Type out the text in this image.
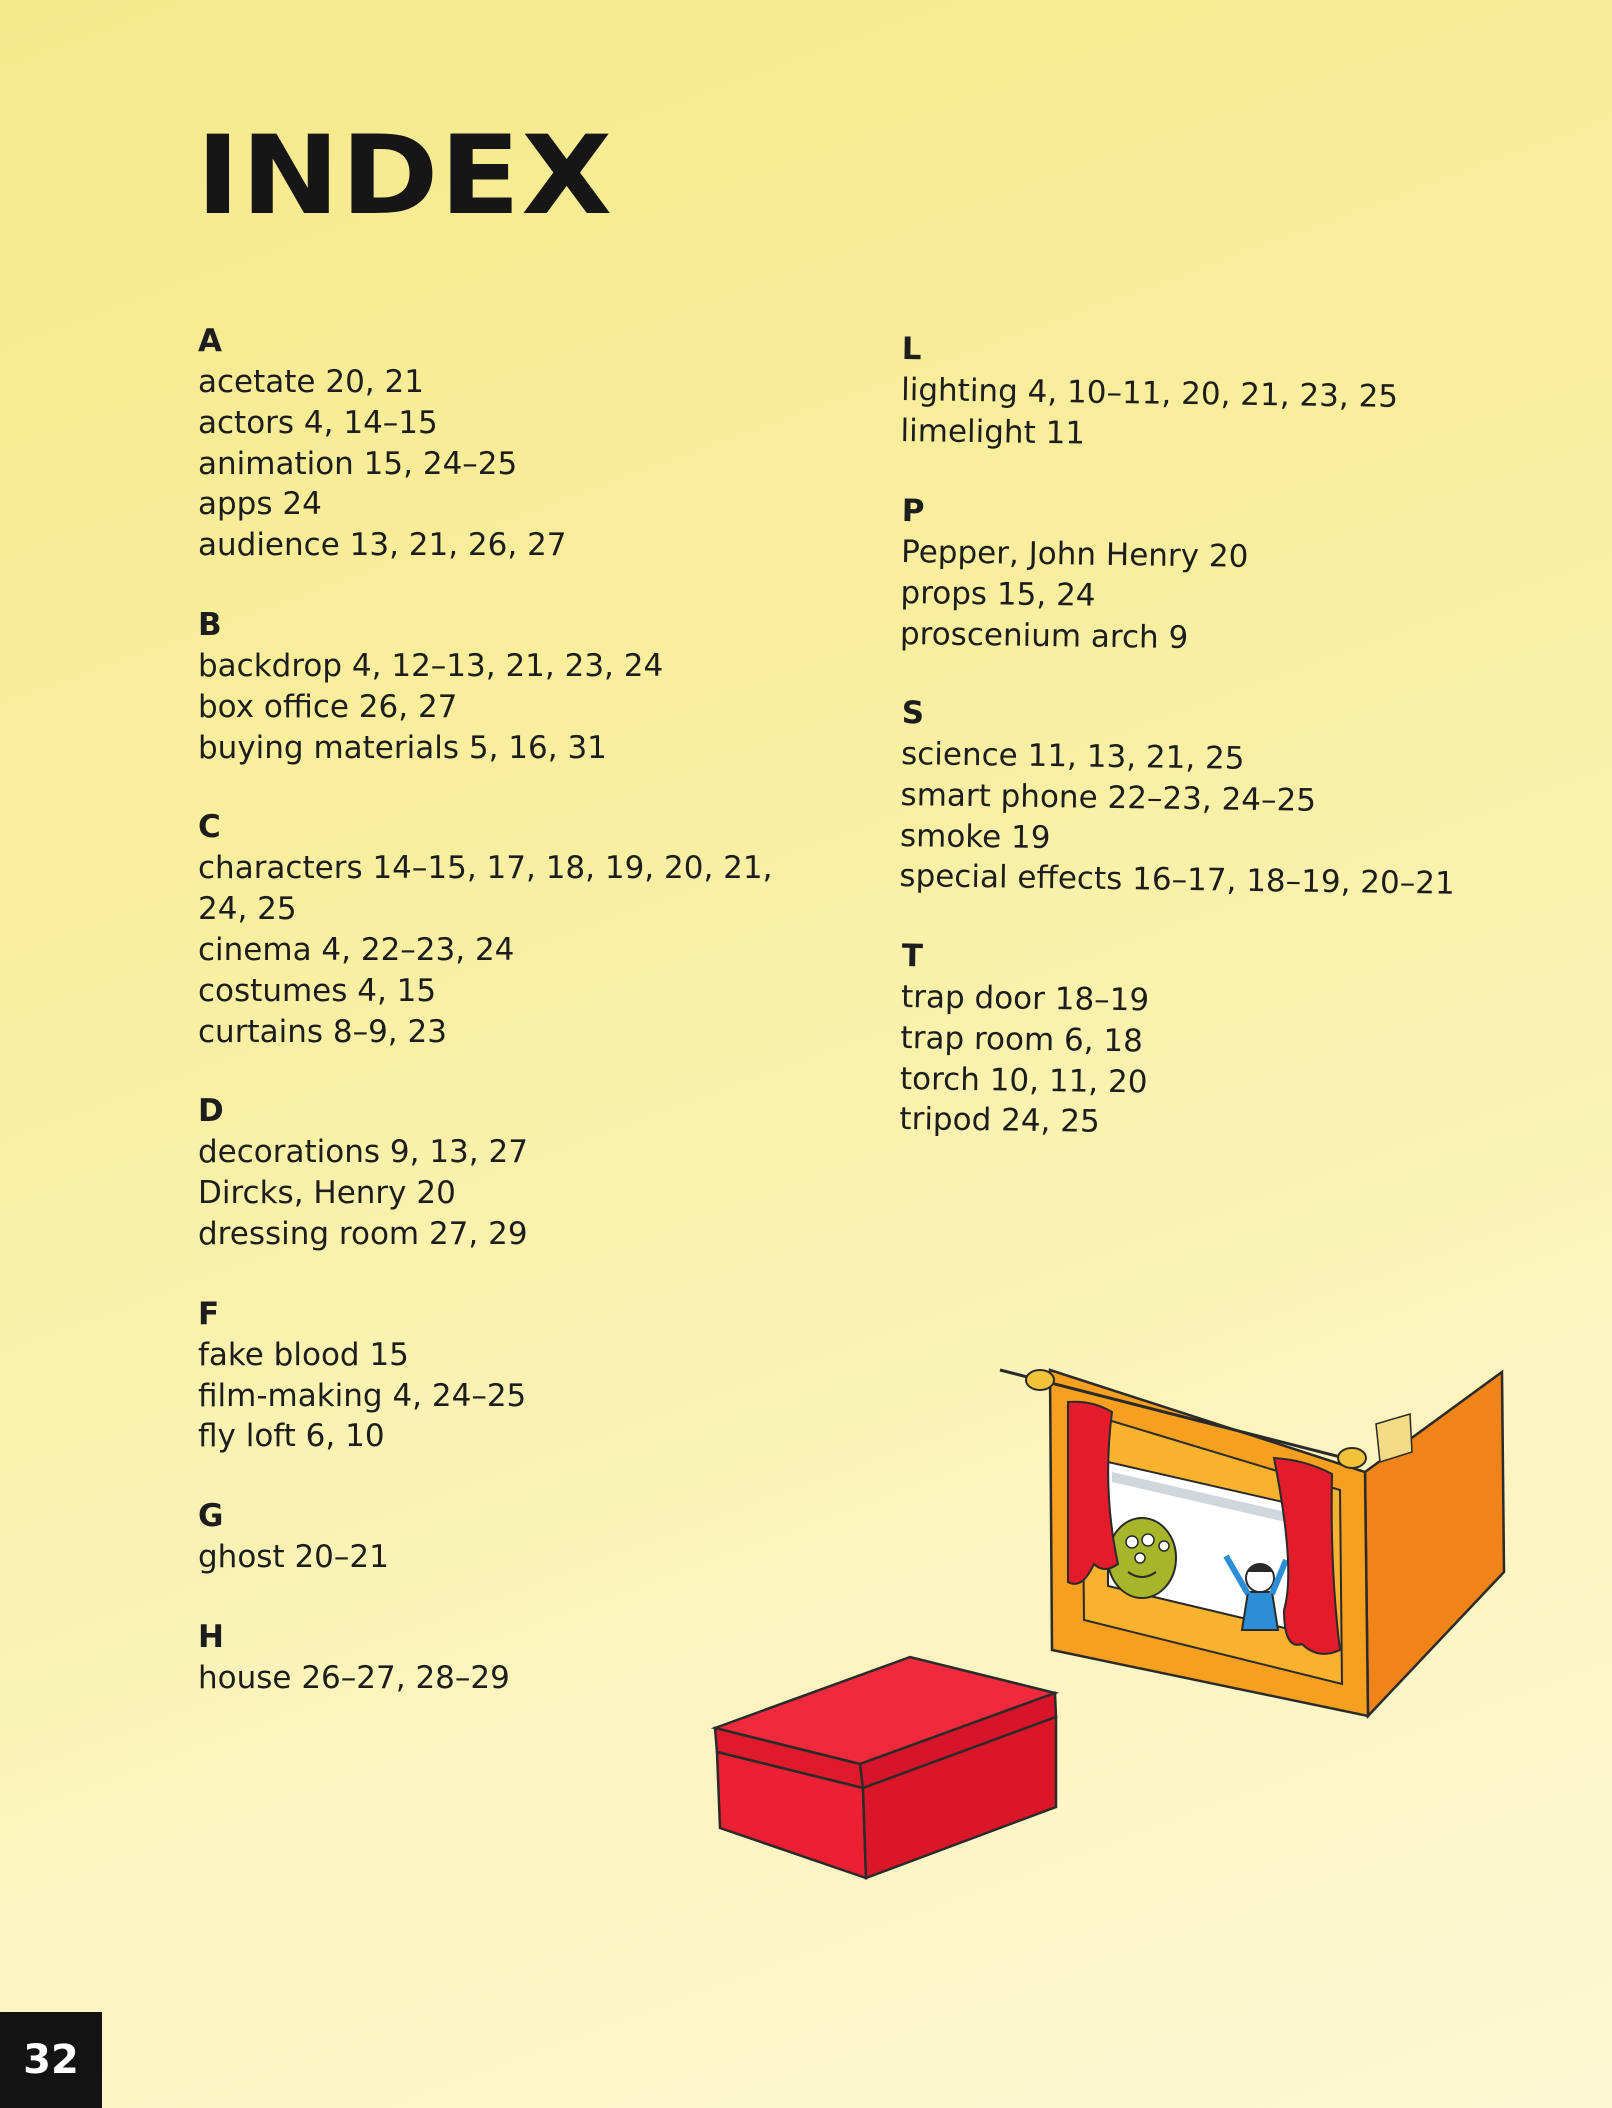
INDEX

A

acetate 20, 21
actors 4, 14–15
animation 15, 24–25
apps 24
audience 13, 21, 26, 27

B

backdrop 4, 12–13, 21, 23, 24
box office 26, 27
buying materials 5, 16, 31

C

characters 14–15, 17, 18, 19, 20, 21,
24, 25
cinema 4, 22–23, 24
costumes 4, 15
curtains 8–9, 23

D

decorations 9, 13, 27
Dircks, Henry 20
dressing room 27, 29

F

fake blood 15
film-making 4, 24–25
fly loft 6, 10

G

ghost 20–21

H

house 26–27, 28–29

L

lighting 4, 10–11, 20, 21, 23, 25
limelight 11

P

Pepper, John Henry 20
props 15, 24
proscenium arch 9

S

science 11, 13, 21, 25
smart phone 22–23, 24–25
smoke 19
special effects 16–17, 18–19, 20–21

T

trap door 18–19
trap room 6, 18
torch 10, 11, 20
tripod 24, 25
32
